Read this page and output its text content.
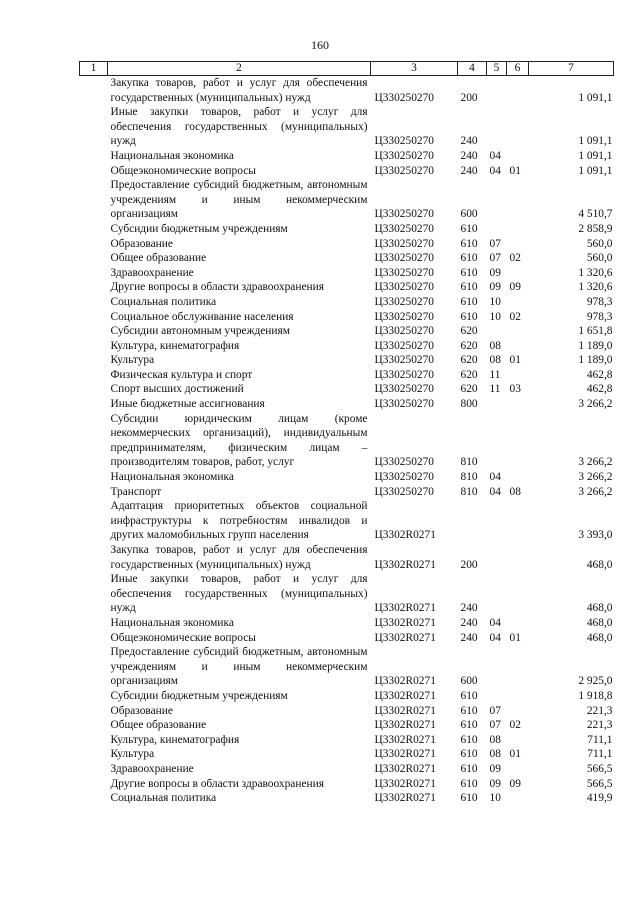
160
1	2	3	4	5	6	7
	Закупка товаров, работ и услуг для обеспечения государственных (муниципальных) нужд	Ц330250270	200			1 091,1
	Иные закупки товаров, работ и услуг для обеспечения государственных (муниципальных) нужд	Ц330250270	240			1 091,1
	Национальная экономика	Ц330250270	240	04		1 091,1
	Общеэкономические вопросы	Ц330250270	240	04	01	1 091,1
	Предоставление субсидий бюджетным, автономным учреждениям и иным некоммерческим организациям	Ц330250270	600			4 510,7
	Субсидии бюджетным учреждениям	Ц330250270	610			2 858,9
	Образование	Ц330250270	610	07		560,0
	Общее образование	Ц330250270	610	07	02	560,0
	Здравоохранение	Ц330250270	610	09		1 320,6
	Другие вопросы в области здравоохранения	Ц330250270	610	09	09	1 320,6
	Социальная политика	Ц330250270	610	10		978,3
	Социальное обслуживание населения	Ц330250270	610	10	02	978,3
	Субсидии автономным учреждениям	Ц330250270	620			1 651,8
	Культура, кинематография	Ц330250270	620	08		1 189,0
	Культура	Ц330250270	620	08	01	1 189,0
	Физическая культура и спорт	Ц330250270	620	11		462,8
	Спорт высших достижений	Ц330250270	620	11	03	462,8
	Иные бюджетные ассигнования	Ц330250270	800			3 266,2
	Субсидии юридическим лицам (кроме некоммерческих организаций), индивидуальным предпринимателям, физическим лицам – производителям товаров, работ, услуг	Ц330250270	810			3 266,2
	Национальная экономика	Ц330250270	810	04		3 266,2
	Транспорт	Ц330250270	810	04	08	3 266,2
	Адаптация приоритетных объектов социальной инфраструктуры к потребностям инвалидов и других маломобильных групп населения	Ц3302R0271				3 393,0
	Закупка товаров, работ и услуг для обеспечения государственных (муниципальных) нужд	Ц3302R0271	200			468,0
	Иные закупки товаров, работ и услуг для обеспечения государственных (муниципальных) нужд	Ц3302R0271	240			468,0
	Национальная экономика	Ц3302R0271	240	04		468,0
	Общеэкономические вопросы	Ц3302R0271	240	04	01	468,0
	Предоставление субсидий бюджетным, автономным учреждениям и иным некоммерческим организациям	Ц3302R0271	600			2 925,0
	Субсидии бюджетным учреждениям	Ц3302R0271	610			1 918,8
	Образование	Ц3302R0271	610	07		221,3
	Общее образование	Ц3302R0271	610	07	02	221,3
	Культура, кинематография	Ц3302R0271	610	08		711,1
	Культура	Ц3302R0271	610	08	01	711,1
	Здравоохранение	Ц3302R0271	610	09		566,5
	Другие вопросы в области здравоохранения	Ц3302R0271	610	09	09	566,5
	Социальная политика	Ц3302R0271	610	10		419,9
